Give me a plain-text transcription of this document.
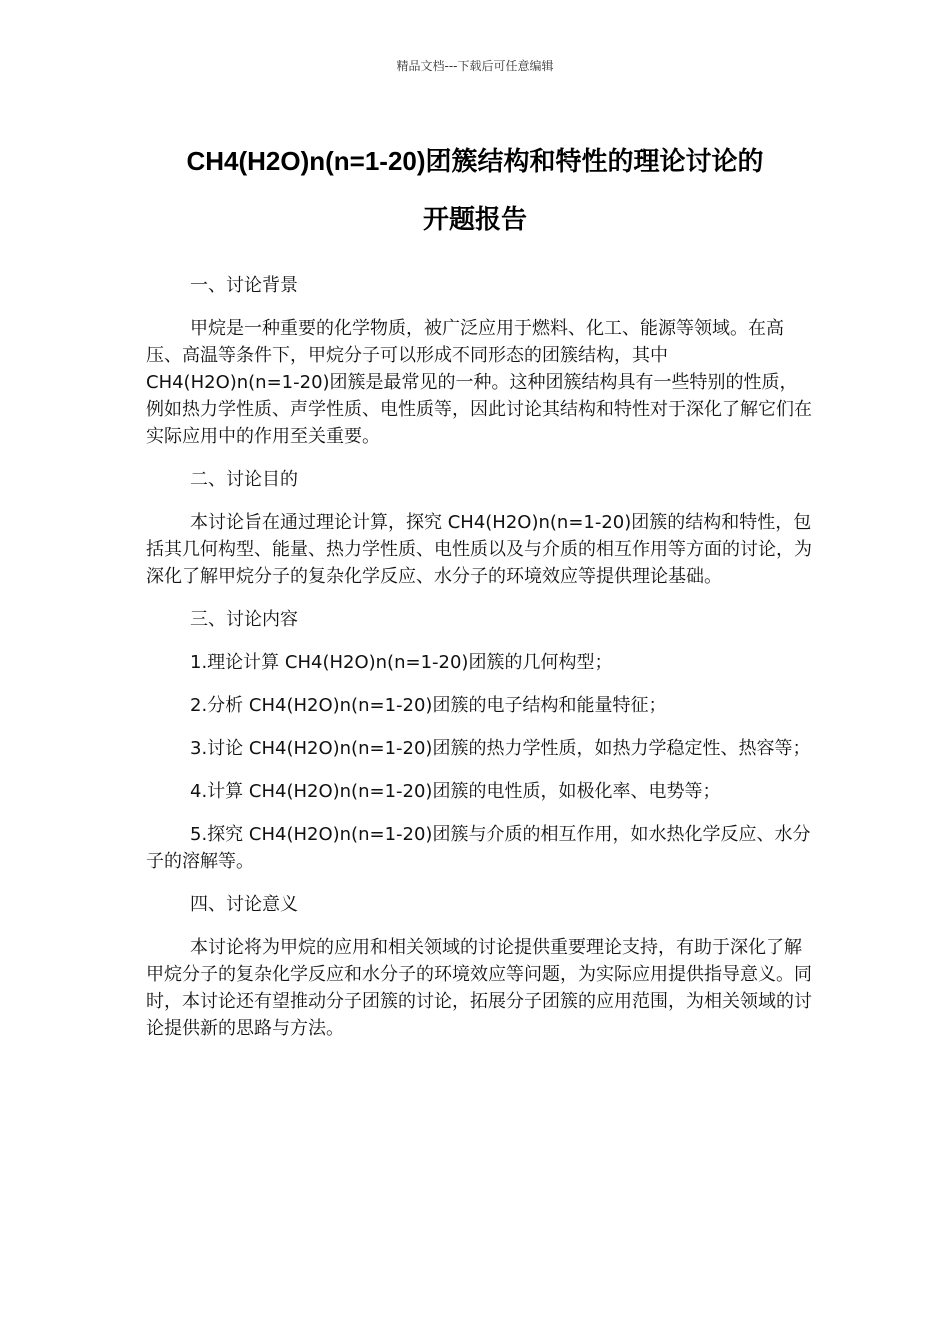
精品文档---下载后可任意编辑
CH4(H2O)n(n=1-20)团簇结构和特性的理论讨论的
开题报告

一、讨论背景

甲烷是一种重要的化学物质，被广泛应用于燃料、化工、能源等领域。在高压、高温等条件下，甲烷分子可以形成不同形态的团簇结构，其中 CH4(H2O)n(n=1-20)团簇是最常见的一种。这种团簇结构具有一些特别的性质，例如热力学性质、声学性质、电性质等，因此讨论其结构和特性对于深化了解它们在实际应用中的作用至关重要。

二、讨论目的

本讨论旨在通过理论计算，探究 CH4(H2O)n(n=1-20)团簇的结构和特性，包括其几何构型、能量、热力学性质、电性质以及与介质的相互作用等方面的讨论，为深化了解甲烷分子的复杂化学反应、水分子的环境效应等提供理论基础。

三、讨论内容

1.理论计算 CH4(H2O)n(n=1-20)团簇的几何构型；

2.分析 CH4(H2O)n(n=1-20)团簇的电子结构和能量特征；

3.讨论 CH4(H2O)n(n=1-20)团簇的热力学性质，如热力学稳定性、热容等；

4.计算 CH4(H2O)n(n=1-20)团簇的电性质，如极化率、电势等；

5.探究 CH4(H2O)n(n=1-20)团簇与介质的相互作用，如水热化学反应、水分子的溶解等。

四、讨论意义

本讨论将为甲烷的应用和相关领域的讨论提供重要理论支持，有助于深化了解甲烷分子的复杂化学反应和水分子的环境效应等问题，为实际应用提供指导意义。同时，本讨论还有望推动分子团簇的讨论，拓展分子团簇的应用范围，为相关领域的讨论提供新的思路与方法。
